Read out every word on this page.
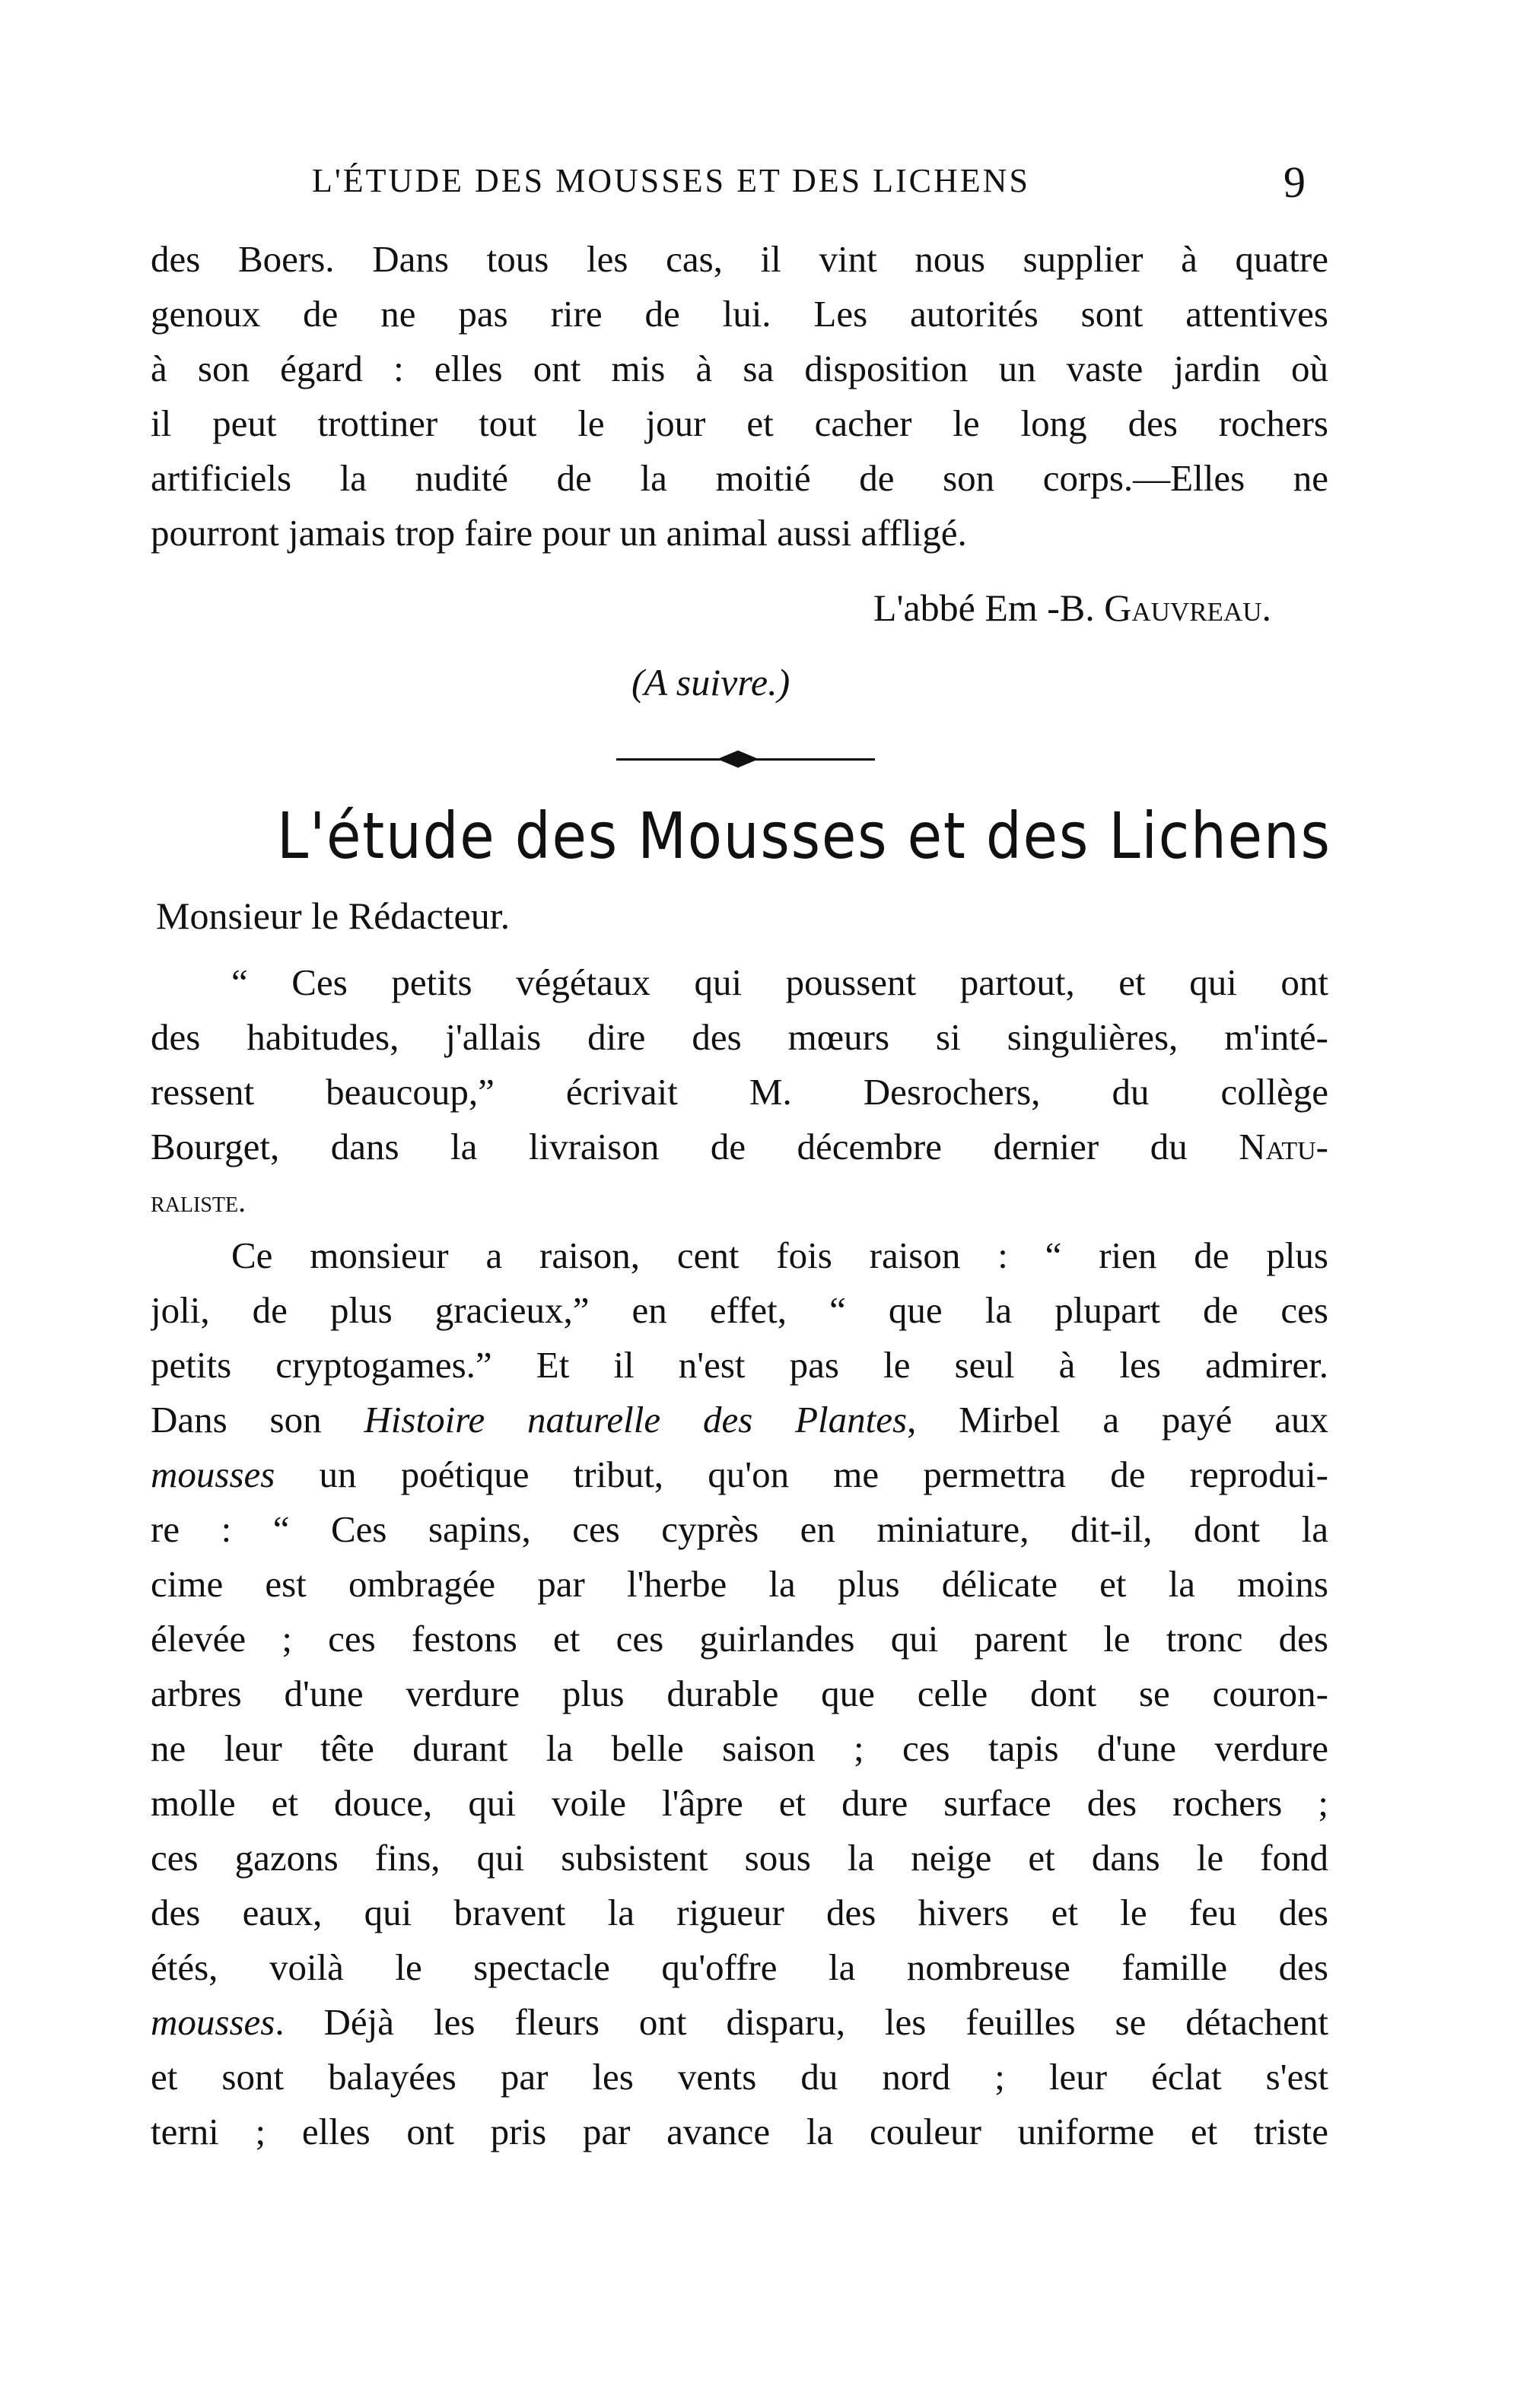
L'ÉTUDE DES MOUSSES ET DES LICHENS	9
des Boers. Dans tous les cas, il vint nous supplier à quatre
genoux de ne pas rire de lui. Les autorités sont attentives
à son égard : elles ont mis à sa disposition un vaste jardin où
il peut trottiner tout le jour et cacher le long des rochers
artificiels la nudité de la moitié de son corps.—Elles ne
pourront jamais trop faire pour un animal aussi affligé.
L'abbé Em -B. Gauvreau.
(A suivre.)
L'étude des Mousses et des Lichens
Monsieur le Rédacteur.
“ Ces petits végétaux qui poussent partout, et qui ont
des habitudes, j'allais dire des mœurs si singulières, m'inté-
ressent beaucoup,” écrivait M. Desrochers, du collège
Bourget, dans la livraison de décembre dernier du Natu-
raliste.
Ce monsieur a raison, cent fois raison : “ rien de plus
joli, de plus gracieux,” en effet, “ que la plupart de ces
petits cryptogames.” Et il n'est pas le seul à les admirer.
Dans son Histoire naturelle des Plantes, Mirbel a payé aux
mousses un poétique tribut, qu'on me permettra de reprodui-
re : “ Ces sapins, ces cyprès en miniature, dit-il, dont la
cime est ombragée par l'herbe la plus délicate et la moins
élevée ; ces festons et ces guirlandes qui parent le tronc des
arbres d'une verdure plus durable que celle dont se couron-
ne leur tête durant la belle saison ; ces tapis d'une verdure
molle et douce, qui voile l'âpre et dure surface des rochers ;
ces gazons fins, qui subsistent sous la neige et dans le fond
des eaux, qui bravent la rigueur des hivers et le feu des
étés, voilà le spectacle qu'offre la nombreuse famille des
mousses. Déjà les fleurs ont disparu, les feuilles se détachent
et sont balayées par les vents du nord ; leur éclat s'est
terni ; elles ont pris par avance la couleur uniforme et triste
